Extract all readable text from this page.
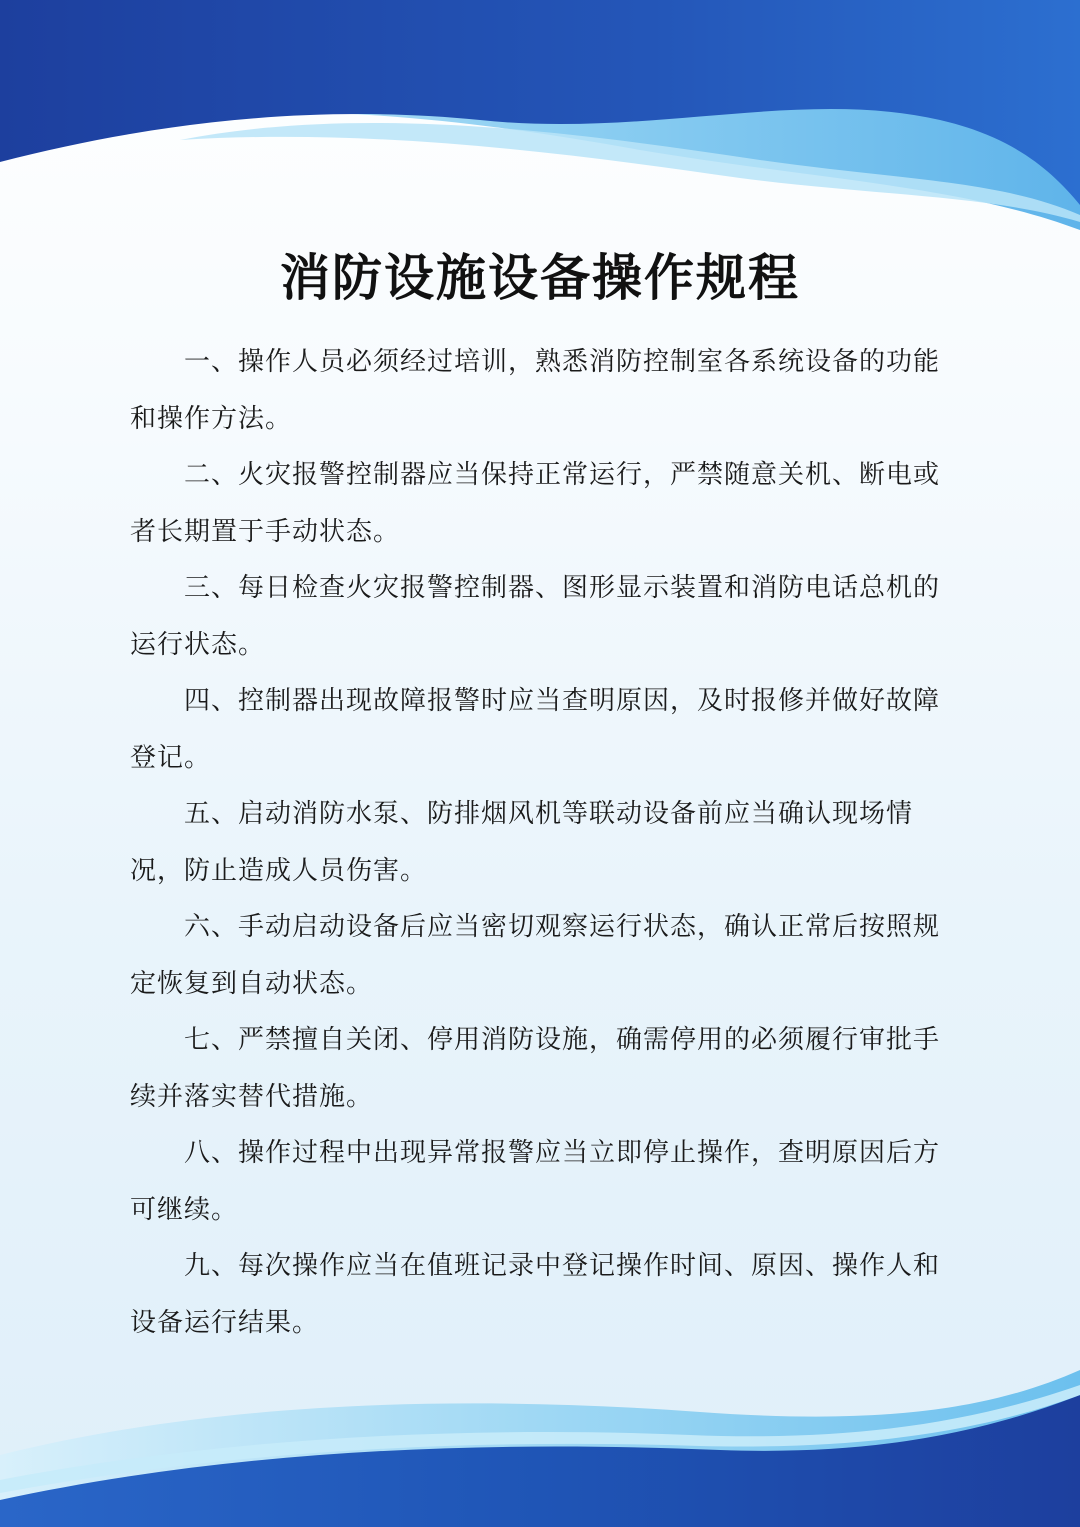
消防设施设备操作规程
一、操作人员必须经过培训，熟悉消防控制室各系统设备的功能和操作方法。
二、火灾报警控制器应当保持正常运行，严禁随意关机、断电或者长期置于手动状态。
三、每日检查火灾报警控制器、图形显示装置和消防电话总机的运行状态。
四、控制器出现故障报警时应当查明原因，及时报修并做好故障登记。
五、启动消防水泵、防排烟风机等联动设备前应当确认现场情况，防止造成人员伤害。
六、手动启动设备后应当密切观察运行状态，确认正常后按照规定恢复到自动状态。
七、严禁擅自关闭、停用消防设施，确需停用的必须履行审批手续并落实替代措施。
八、操作过程中出现异常报警应当立即停止操作，查明原因后方可继续。
九、每次操作应当在值班记录中登记操作时间、原因、操作人和设备运行结果。
